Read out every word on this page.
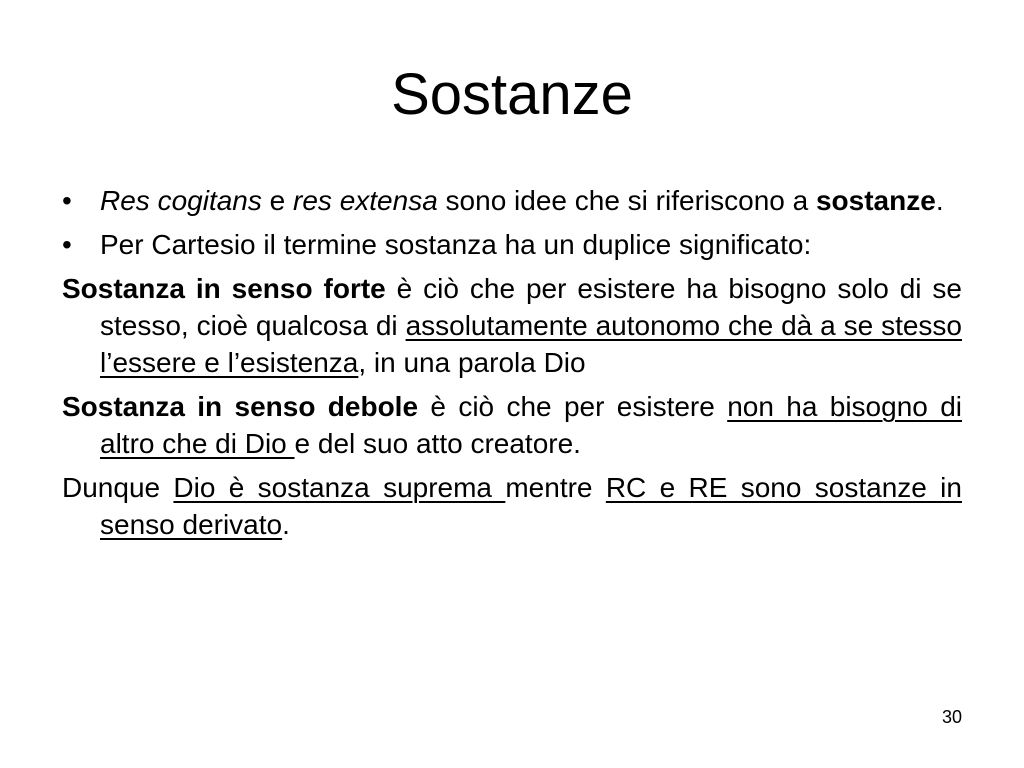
Sostanze

•	Res cogitans e res extensa sono idee che si riferiscono a sostanze.

•	Per Cartesio il termine sostanza ha un duplice significato:

Sostanza in senso forte è ciò che per esistere ha bisogno solo di se stesso, cioè qualcosa di assolutamente autonomo che dà a se stesso l’essere e l’esistenza, in una parola Dio

Sostanza in senso debole è ciò che per esistere non ha bisogno di altro che di Dio e del suo atto creatore.

Dunque Dio è sostanza suprema mentre RC e RE sono sostanze in senso derivato.

30
